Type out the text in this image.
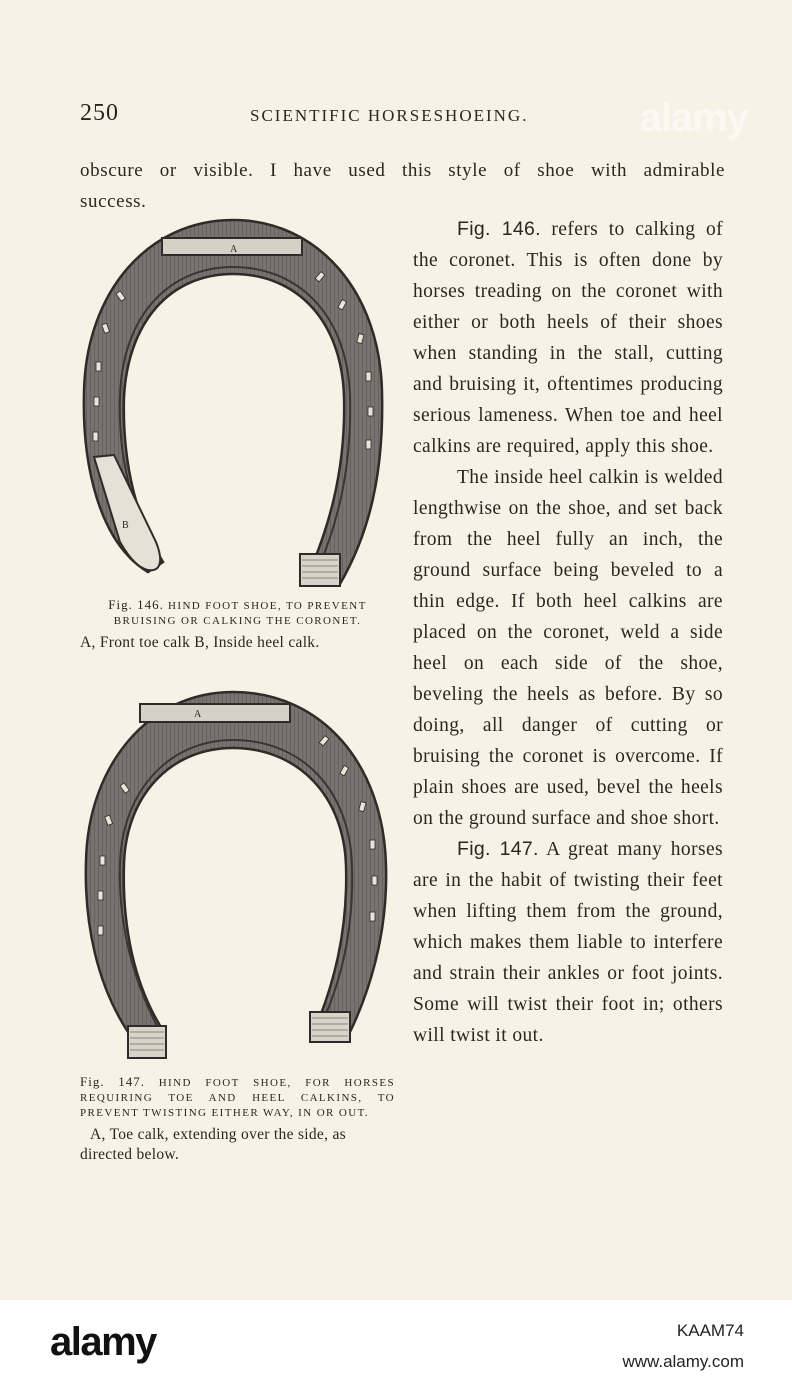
250	SCIENTIFIC HORSESHOEING.	alamy
obscure or visible. I have used this style of shoe with admirable
success.
A
B
Fig. 146. HIND FOOT SHOE, TO PREVENT BRUISING OR CALKING THE CORONET.
A, Front toe calk B, Inside heel calk.
A
Fig. 147. HIND FOOT SHOE, FOR HORSES REQUIRING TOE AND HEEL CALKINS, TO PREVENT TWISTING EITHER WAY, IN OR OUT.
A, Toe calk, extending over the side, as directed below.

Fig. 146. refers to calking of the coronet. This is often done by horses treading on the coronet with either or both heels of their shoes when standing in the stall, cutting and bruising it, oftentimes producing serious lameness. When toe and heel calkins are required, apply this shoe.

The inside heel calkin is welded lengthwise on the shoe, and set back from the heel fully an inch, the ground surface being beveled to a thin edge. If both heel calkins are placed on the coronet, weld a side heel on each side of the shoe, beveling the heels as before. By so doing, all danger of cutting or bruising the coronet is overcome. If plain shoes are used, bevel the heels on the ground surface and shoe short.

Fig. 147. A great many horses are in the habit of twisting their feet when lifting them from the ground, which makes them liable to interfere and strain their ankles or foot joints. Some will twist their foot in; others will twist it out.

alamy	KAAM74
www.alamy.com
